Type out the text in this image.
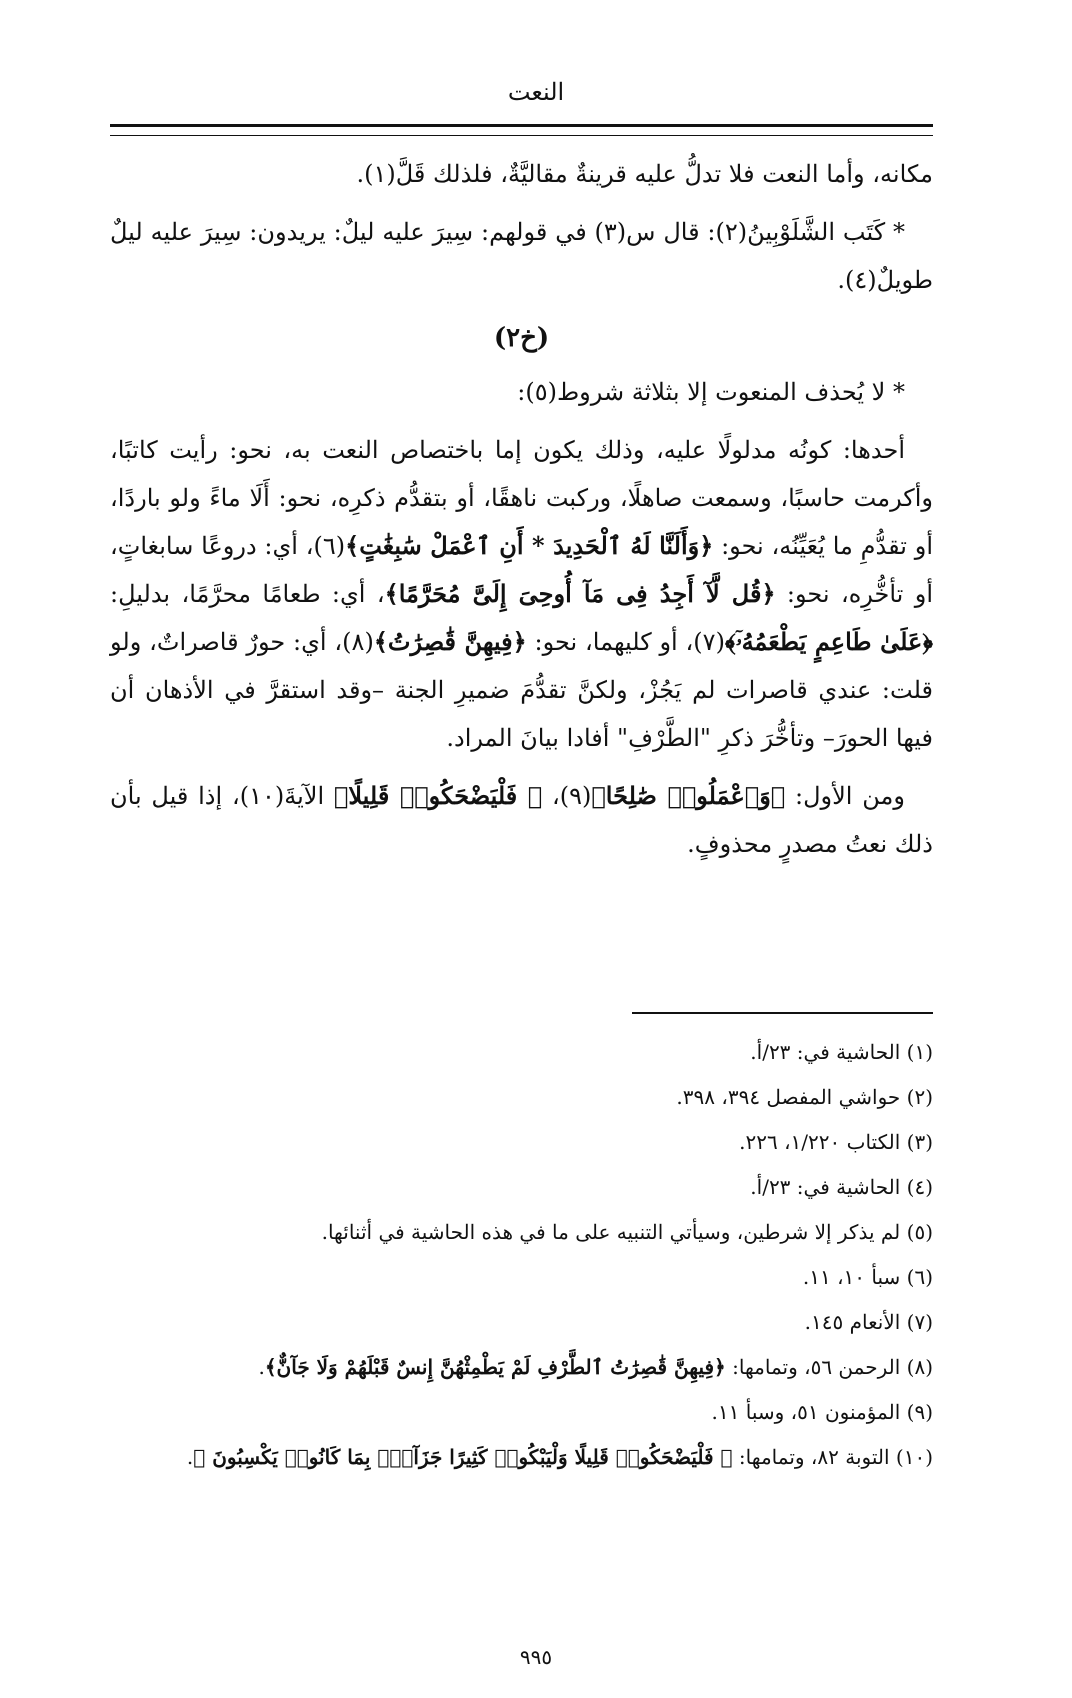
النعت

مكانه، وأما النعت فلا تدلُّ عليه قرينةٌ مقاليَّةٌ، فلذلك قَلَّ(١).

* كَتَب الشَّلَوْبِينُ(٢): قال س(٣) في قولهم: سِيرَ عليه ليلٌ: يريدون: سِيرَ عليه ليلٌ طويلٌ(٤).

(خ٢)

* لا يُحذف المنعوت إلا بثلاثة شروط(٥):

أحدها: كونُه مدلولًا عليه، وذلك يكون إما باختصاص النعت به، نحو: رأيت كاتبًا، وأكرمت حاسبًا، وسمعت صاهلًا، وركبت ناهقًا، أو بتقدُّم ذكرِه، نحو: أَلَا ماءً ولو باردًا، أو تقدُّمِ ما يُعَيِّنُه، نحو: ﴿وَأَلَنَّا لَهُ ٱلْحَدِيدَ * أَنِ ٱعْمَلْ سَٰبِغَٰتٍ﴾(٦)، أي: دروعًا سابغاتٍ، أو تأخُّرِه، نحو: ﴿قُل لَّآ أَجِدُ فِى مَآ أُوحِىَ إِلَىَّ مُحَرَّمًا﴾، أي: طعامًا محرَّمًا، بدليلِ: ﴿عَلَىٰ طَاعِمٍ يَطْعَمُهُۥٓ﴾(٧)، أو كليهما، نحو: ﴿فِيهِنَّ قَٰصِرَٰتُ﴾(٨)، أي: حورٌ قاصراتٌ، ولو قلت: عندي قاصرات لم يَجُزْ، ولكنَّ تقدُّمَ ضميرِ الجنة –وقد استقرَّ في الأذهان أن فيها الحورَ– وتأخُّرَ ذكرِ "الطَّرْفِ" أفادا بيانَ المراد.

ومن الأول: ﴿وَٱعْمَلُوا۟ صَٰلِحًا﴾(٩)، ﴿ فَلْيَضْحَكُوا۟ قَلِيلًا﴾ الآيةَ(١٠)، إذا قيل بأن ذلك نعتُ مصدرٍ محذوفٍ.

(١) الحاشية في: ٢٣/أ.
(٢) حواشي المفصل ٣٩٤، ٣٩٨.
(٣) الكتاب ١/٢٢٠، ٢٢٦.
(٤) الحاشية في: ٢٣/أ.
(٥) لم يذكر إلا شرطين، وسيأتي التنبيه على ما في هذه الحاشية في أثنائها.
(٦) سبأ ١٠، ١١.
(٧) الأنعام ١٤٥.
(٨) الرحمن ٥٦، وتمامها: ﴿فِيهِنَّ قَٰصِرَٰتُ ٱلطَّرْفِ لَمْ يَطْمِثْهُنَّ إِنسٌ قَبْلَهُمْ وَلَا جَآنٌّ﴾.
(٩) المؤمنون ٥١، وسبأ ١١.
(١٠) التوبة ٨٢، وتمامها: ﴿ فَلْيَضْحَكُوا۟ قَلِيلًا وَلْيَبْكُوا۟ كَثِيرًا جَزَآءًۢ بِمَا كَانُوا۟ يَكْسِبُونَ ﴾.
٩٩٥
